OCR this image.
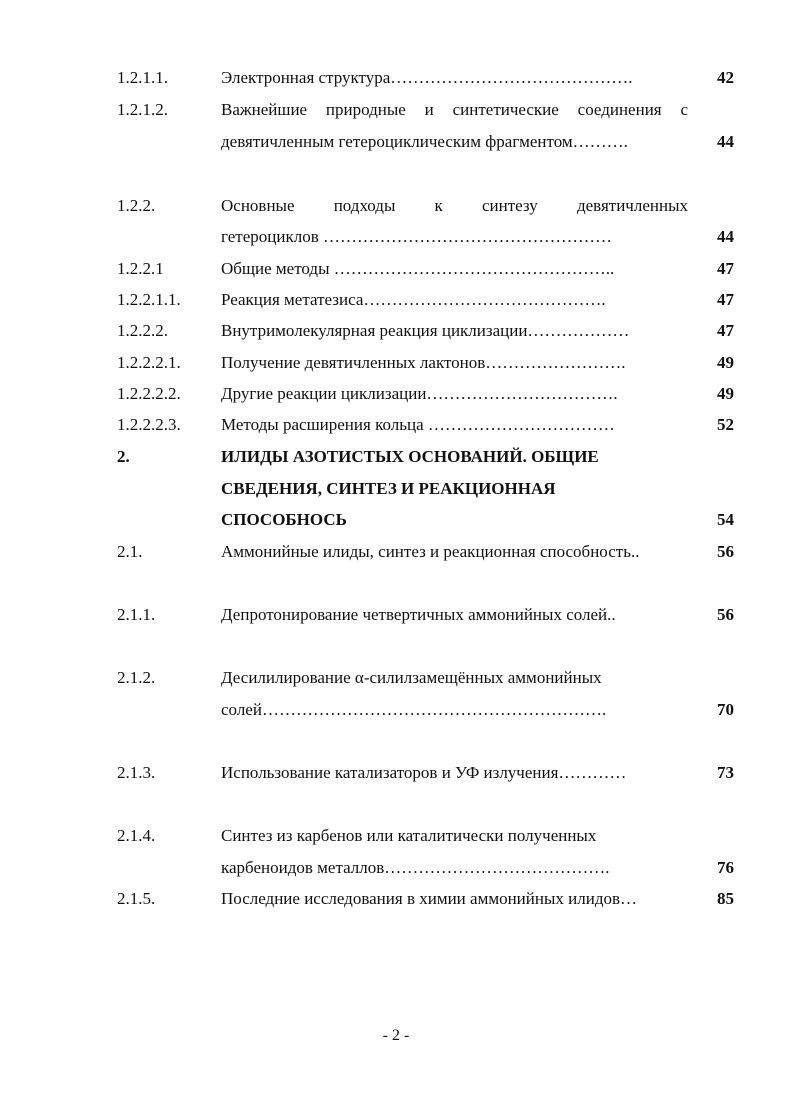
1.2.1.1.	Электронная структура…………………………………….	42
1.2.1.2.	Важнейшие природные и синтетические соединения с
девятичленным гетероциклическим фрагментом……….	44
1.2.2.	Основные подходы к синтезу девятичленных
гетероциклов ……………………………………………	44
1.2.2.1	Общие методы …………………………………………..	47
1.2.2.1.1. Реакция метатезиса…………………………………….	47
1.2.2.2.	Внутримолекулярная реакция циклизации………………	47
1.2.2.2.1. Получение девятичленных лактонов…………………….	49
1.2.2.2.2. Другие реакции циклизации…………………………….	49
1.2.2.2.3. Методы расширения кольца ……………………………	52
2.	ИЛИДЫ АЗОТИСТЫХ ОСНОВАНИЙ. ОБЩИЕ
СВЕДЕНИЯ, СИНТЕЗ И РЕАКЦИОННАЯ
СПОСОБНОСЬ	54
2.1.	Аммонийные илиды, синтез и реакционная способность..	56
2.1.1.	Депротонирование четвертичных аммонийных солей..	56
2.1.2.	Десилилирование α-силилзамещённых аммонийных
солей…………………………………………………….	70
2.1.3.	Использование катализаторов и УФ излучения…………	73
2.1.4.	Синтез из карбенов или каталитически полученных
карбеноидов металлов………………………………….	76
2.1.5.	Последние исследования в химии аммонийных илидов…	85
- 2 -
